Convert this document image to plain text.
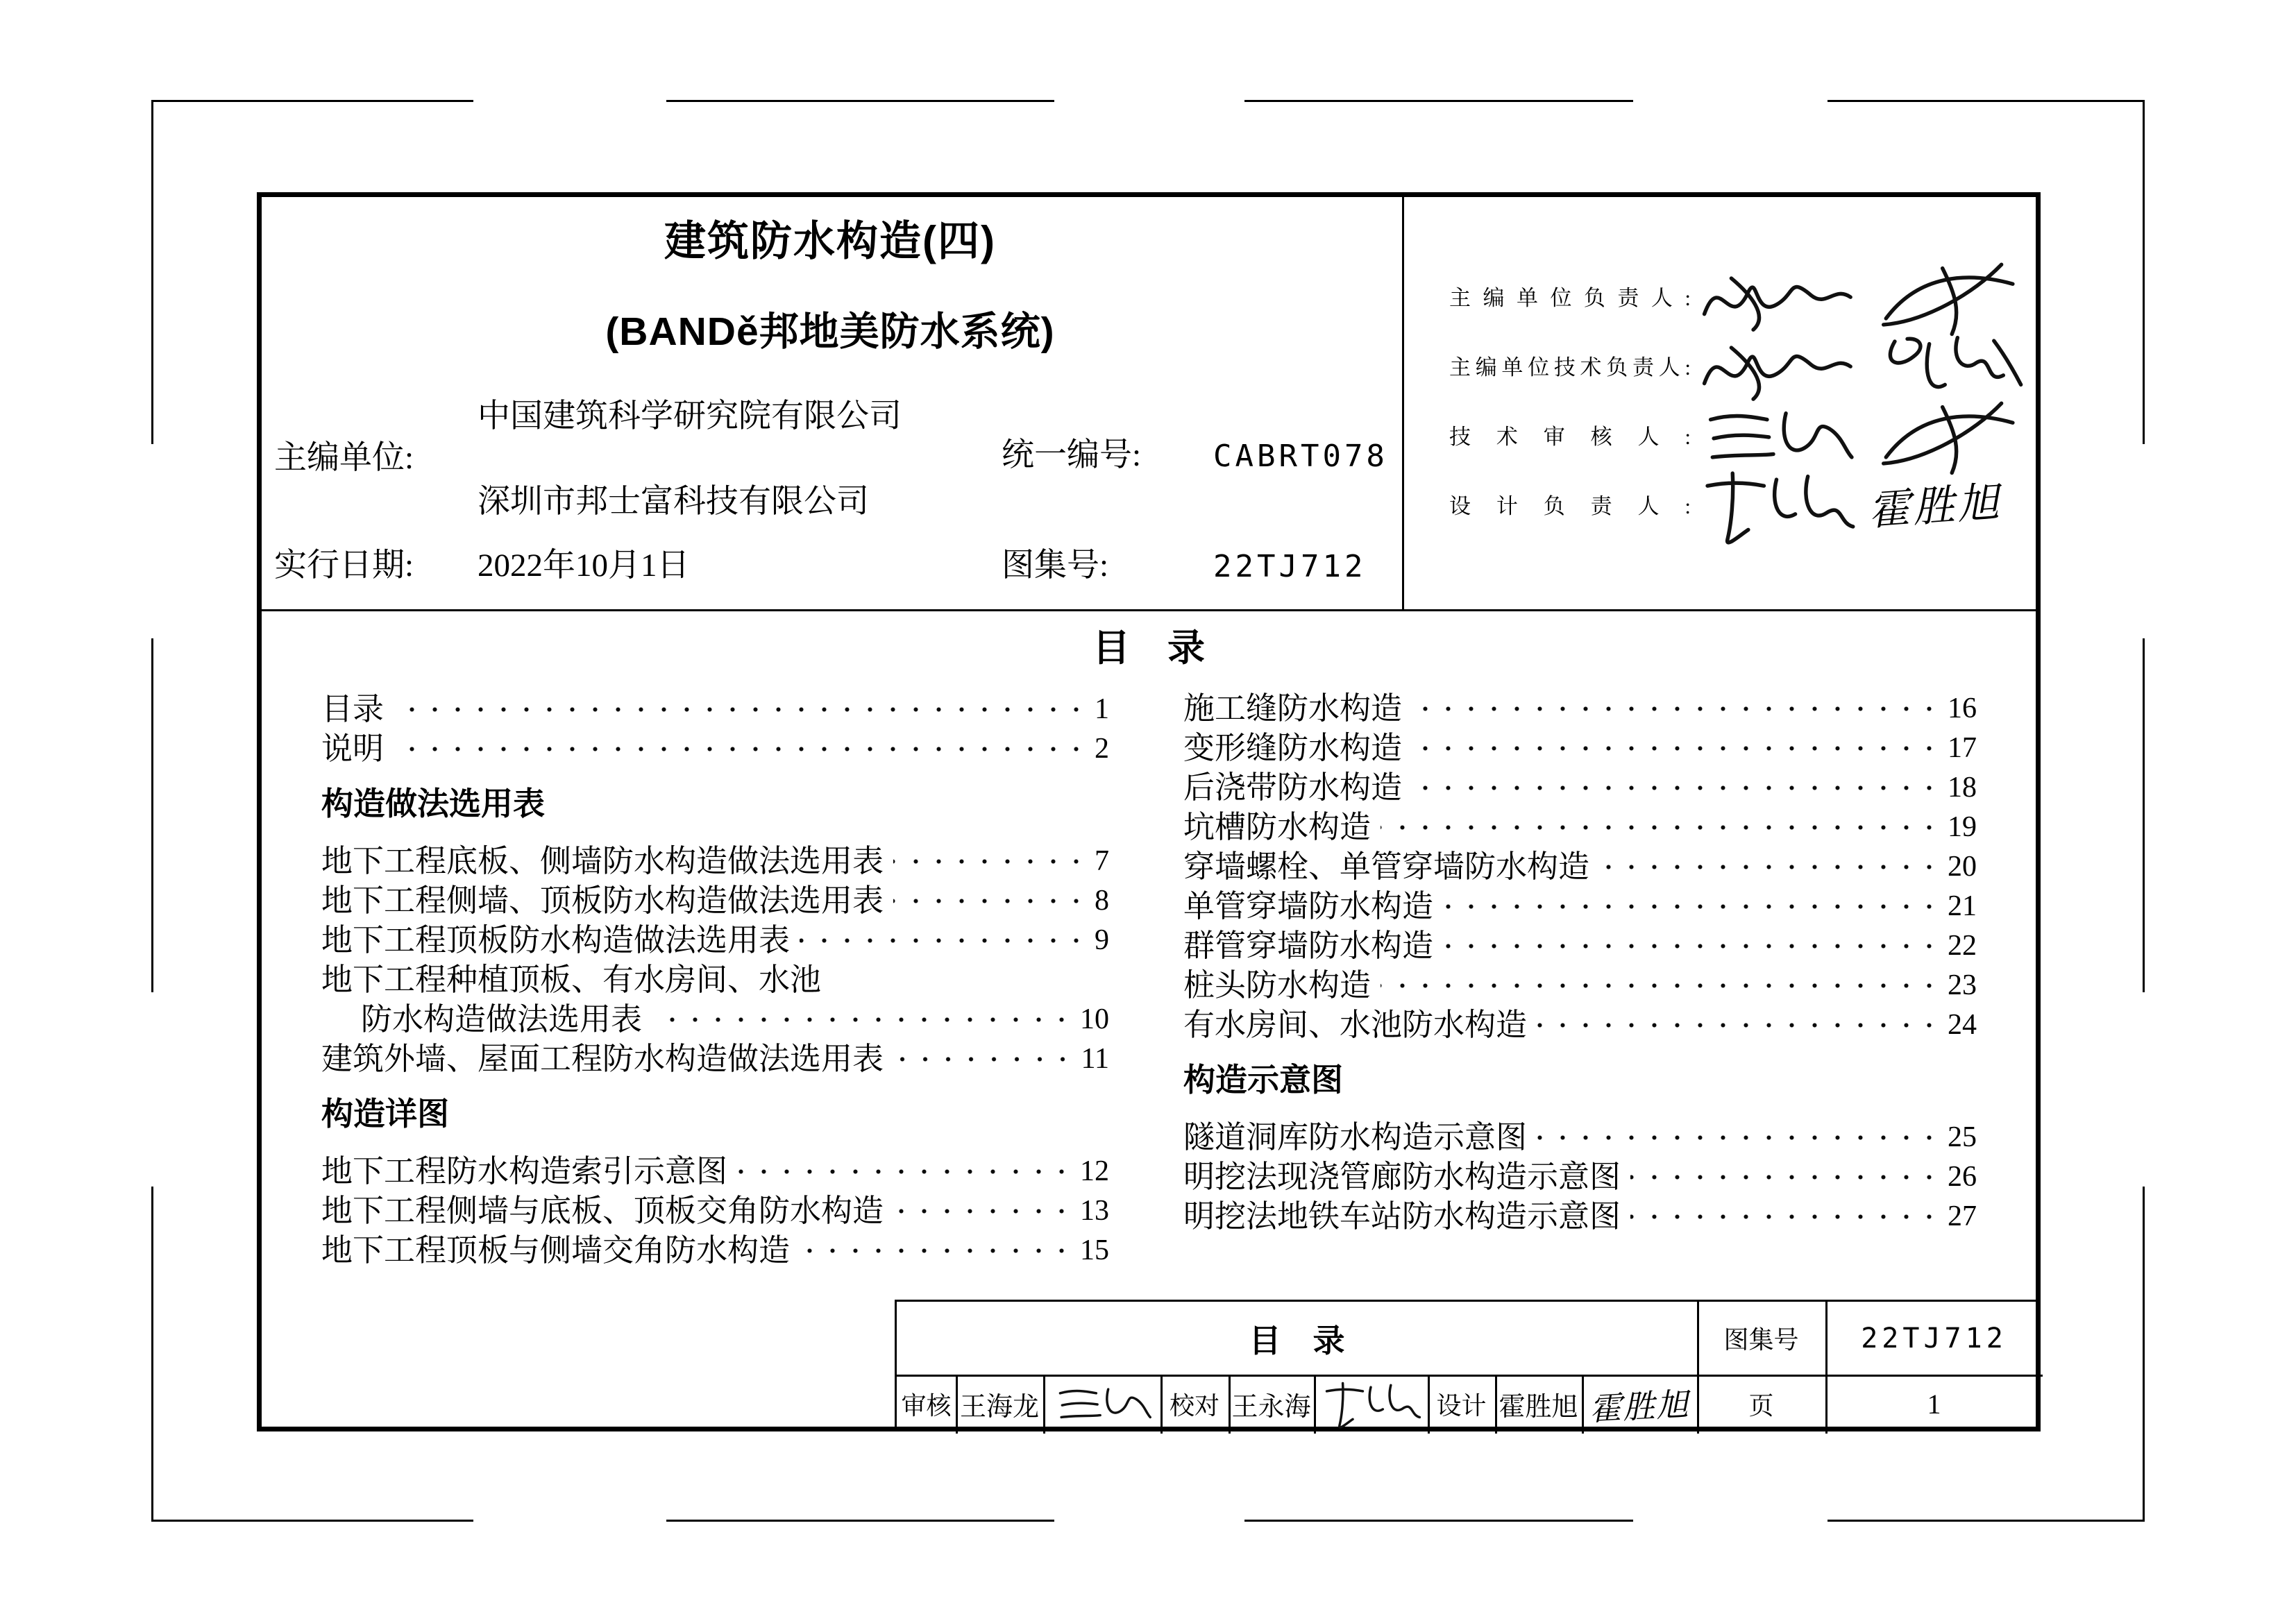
建筑防水构造(四)
(BANDě邦地美防水系统)
主编单位:
中国建筑科学研究院有限公司
深圳市邦士富科技有限公司
统一编号: CABRT078
实行日期: 2022年10月1日	图集号:	22TJ712
主编单位负责人:
主编单位技术负责人:
技术审核人:
设计负责人:	霍胜旭
目　录
目录	1
说明	2
构造做法选用表
地下工程底板、侧墙防水构造做法选用表	7
地下工程侧墙、顶板防水构造做法选用表	8
地下工程顶板防水构造做法选用表	9
地下工程种植顶板、有水房间、水池
防水构造做法选用表	10
建筑外墙、屋面工程防水构造做法选用表	11
构造详图
地下工程防水构造索引示意图	12
地下工程侧墙与底板、顶板交角防水构造	13
地下工程顶板与侧墙交角防水构造	15
施工缝防水构造	16
变形缝防水构造	17
后浇带防水构造	18
坑槽防水构造	19
穿墙螺栓、单管穿墙防水构造	20
单管穿墙防水构造	21
群管穿墙防水构造	22
桩头防水构造	23
有水房间、水池防水构造	24
构造示意图
隧道洞库防水构造示意图	25
明挖法现浇管廊防水构造示意图	26
明挖法地铁车站防水构造示意图	27
目　录	图集号	22TJ712
审核 王海龙	校对 王永海	设计 霍胜旭 霍胜旭	页	1
